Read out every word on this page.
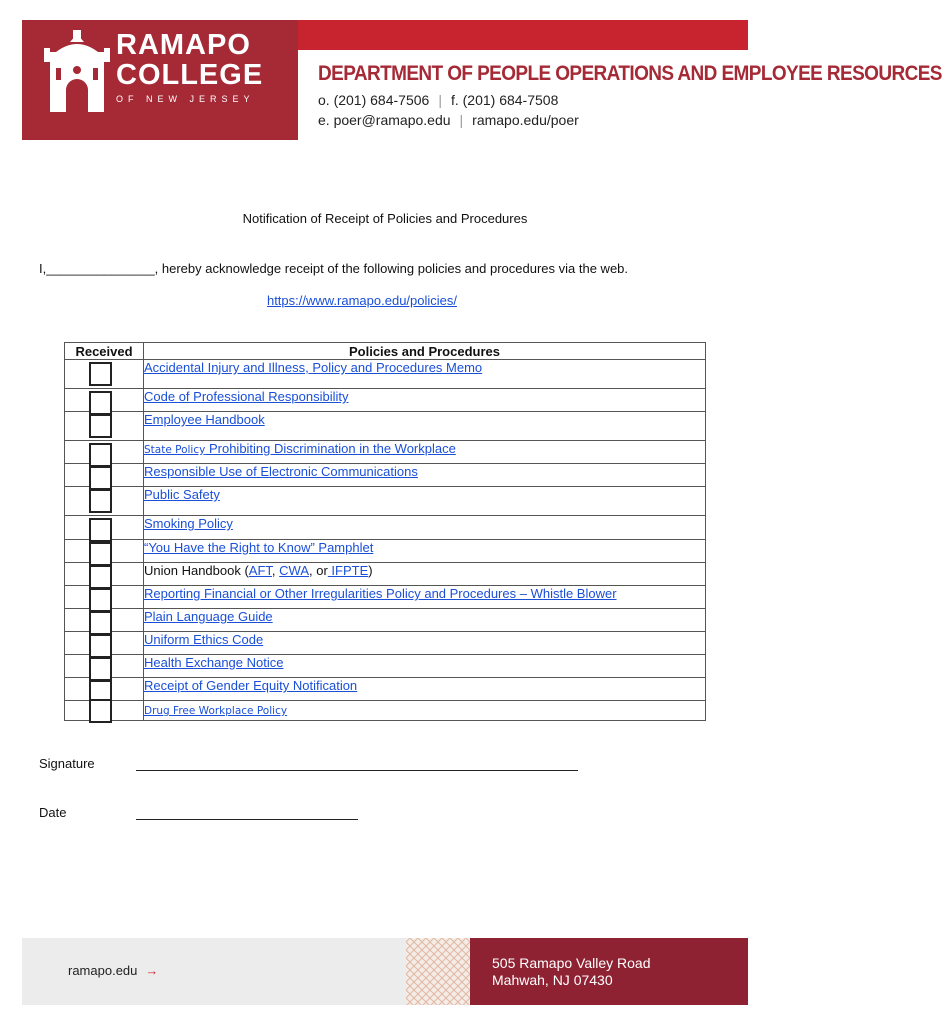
RAMAPO
COLLEGE
OF NEW JERSEY
DEPARTMENT OF PEOPLE OPERATIONS AND EMPLOYEE RESOURCES
o. (201) 684-7506 | f. (201) 684-7508
e. poer@ramapo.edu | ramapo.edu/poer
Notification of Receipt of Policies and Procedures
I,_______________, hereby acknowledge receipt of the following policies and procedures via the web.
https://www.ramapo.edu/policies/
Received	Policies and Procedures

	Accidental Injury and Illness, Policy and Procedures Memo

	Code of Professional Responsibility

	Employee Handbook

	State Policy Prohibiting Discrimination in the Workplace

	Responsible Use of Electronic Communications

	Public Safety

	Smoking Policy

	“You Have the Right to Know” Pamphlet

	Union Handbook (AFT, CWA, or IFPTE)

	Reporting Financial or Other Irregularities Policy and Procedures – Whistle Blower

	Plain Language Guide

	Uniform Ethics Code

	Health Exchange Notice

	Receipt of Gender Equity Notification

	Drug Free Workplace Policy
Signature
Date
ramapo.edu →	505 Ramapo Valley Road
Mahwah, NJ 07430
